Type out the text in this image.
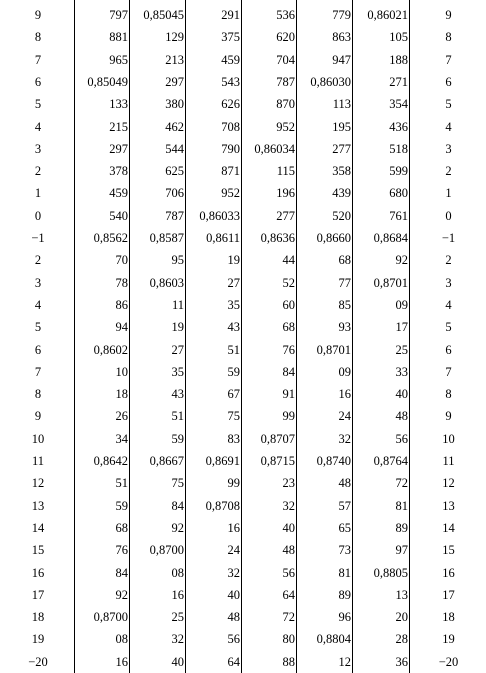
9	797	0,85045	291	536	779	0,86021	9
8	881	129	375	620	863	105	8
7	965	213	459	704	947	188	7
6	0,85049	297	543	787	0,86030	271	6
5	133	380	626	870	113	354	5
4	215	462	708	952	195	436	4
3	297	544	790	0,86034	277	518	3
2	378	625	871	115	358	599	2
1	459	706	952	196	439	680	1
0	540	787	0,86033	277	520	761	0
−1	0,8562	0,8587	0,8611	0,8636	0,8660	0,8684	−1
2	70	95	19	44	68	92	2
3	78	0,8603	27	52	77	0,8701	3
4	86	11	35	60	85	09	4
5	94	19	43	68	93	17	5
6	0,8602	27	51	76	0,8701	25	6
7	10	35	59	84	09	33	7
8	18	43	67	91	16	40	8
9	26	51	75	99	24	48	9
10	34	59	83	0,8707	32	56	10
11	0,8642	0,8667	0,8691	0,8715	0,8740	0,8764	11
12	51	75	99	23	48	72	12
13	59	84	0,8708	32	57	81	13
14	68	92	16	40	65	89	14
15	76	0,8700	24	48	73	97	15
16	84	08	32	56	81	0,8805	16
17	92	16	40	64	89	13	17
18	0,8700	25	48	72	96	20	18
19	08	32	56	80	0,8804	28	19
−20	16	40	64	88	12	36	−20
